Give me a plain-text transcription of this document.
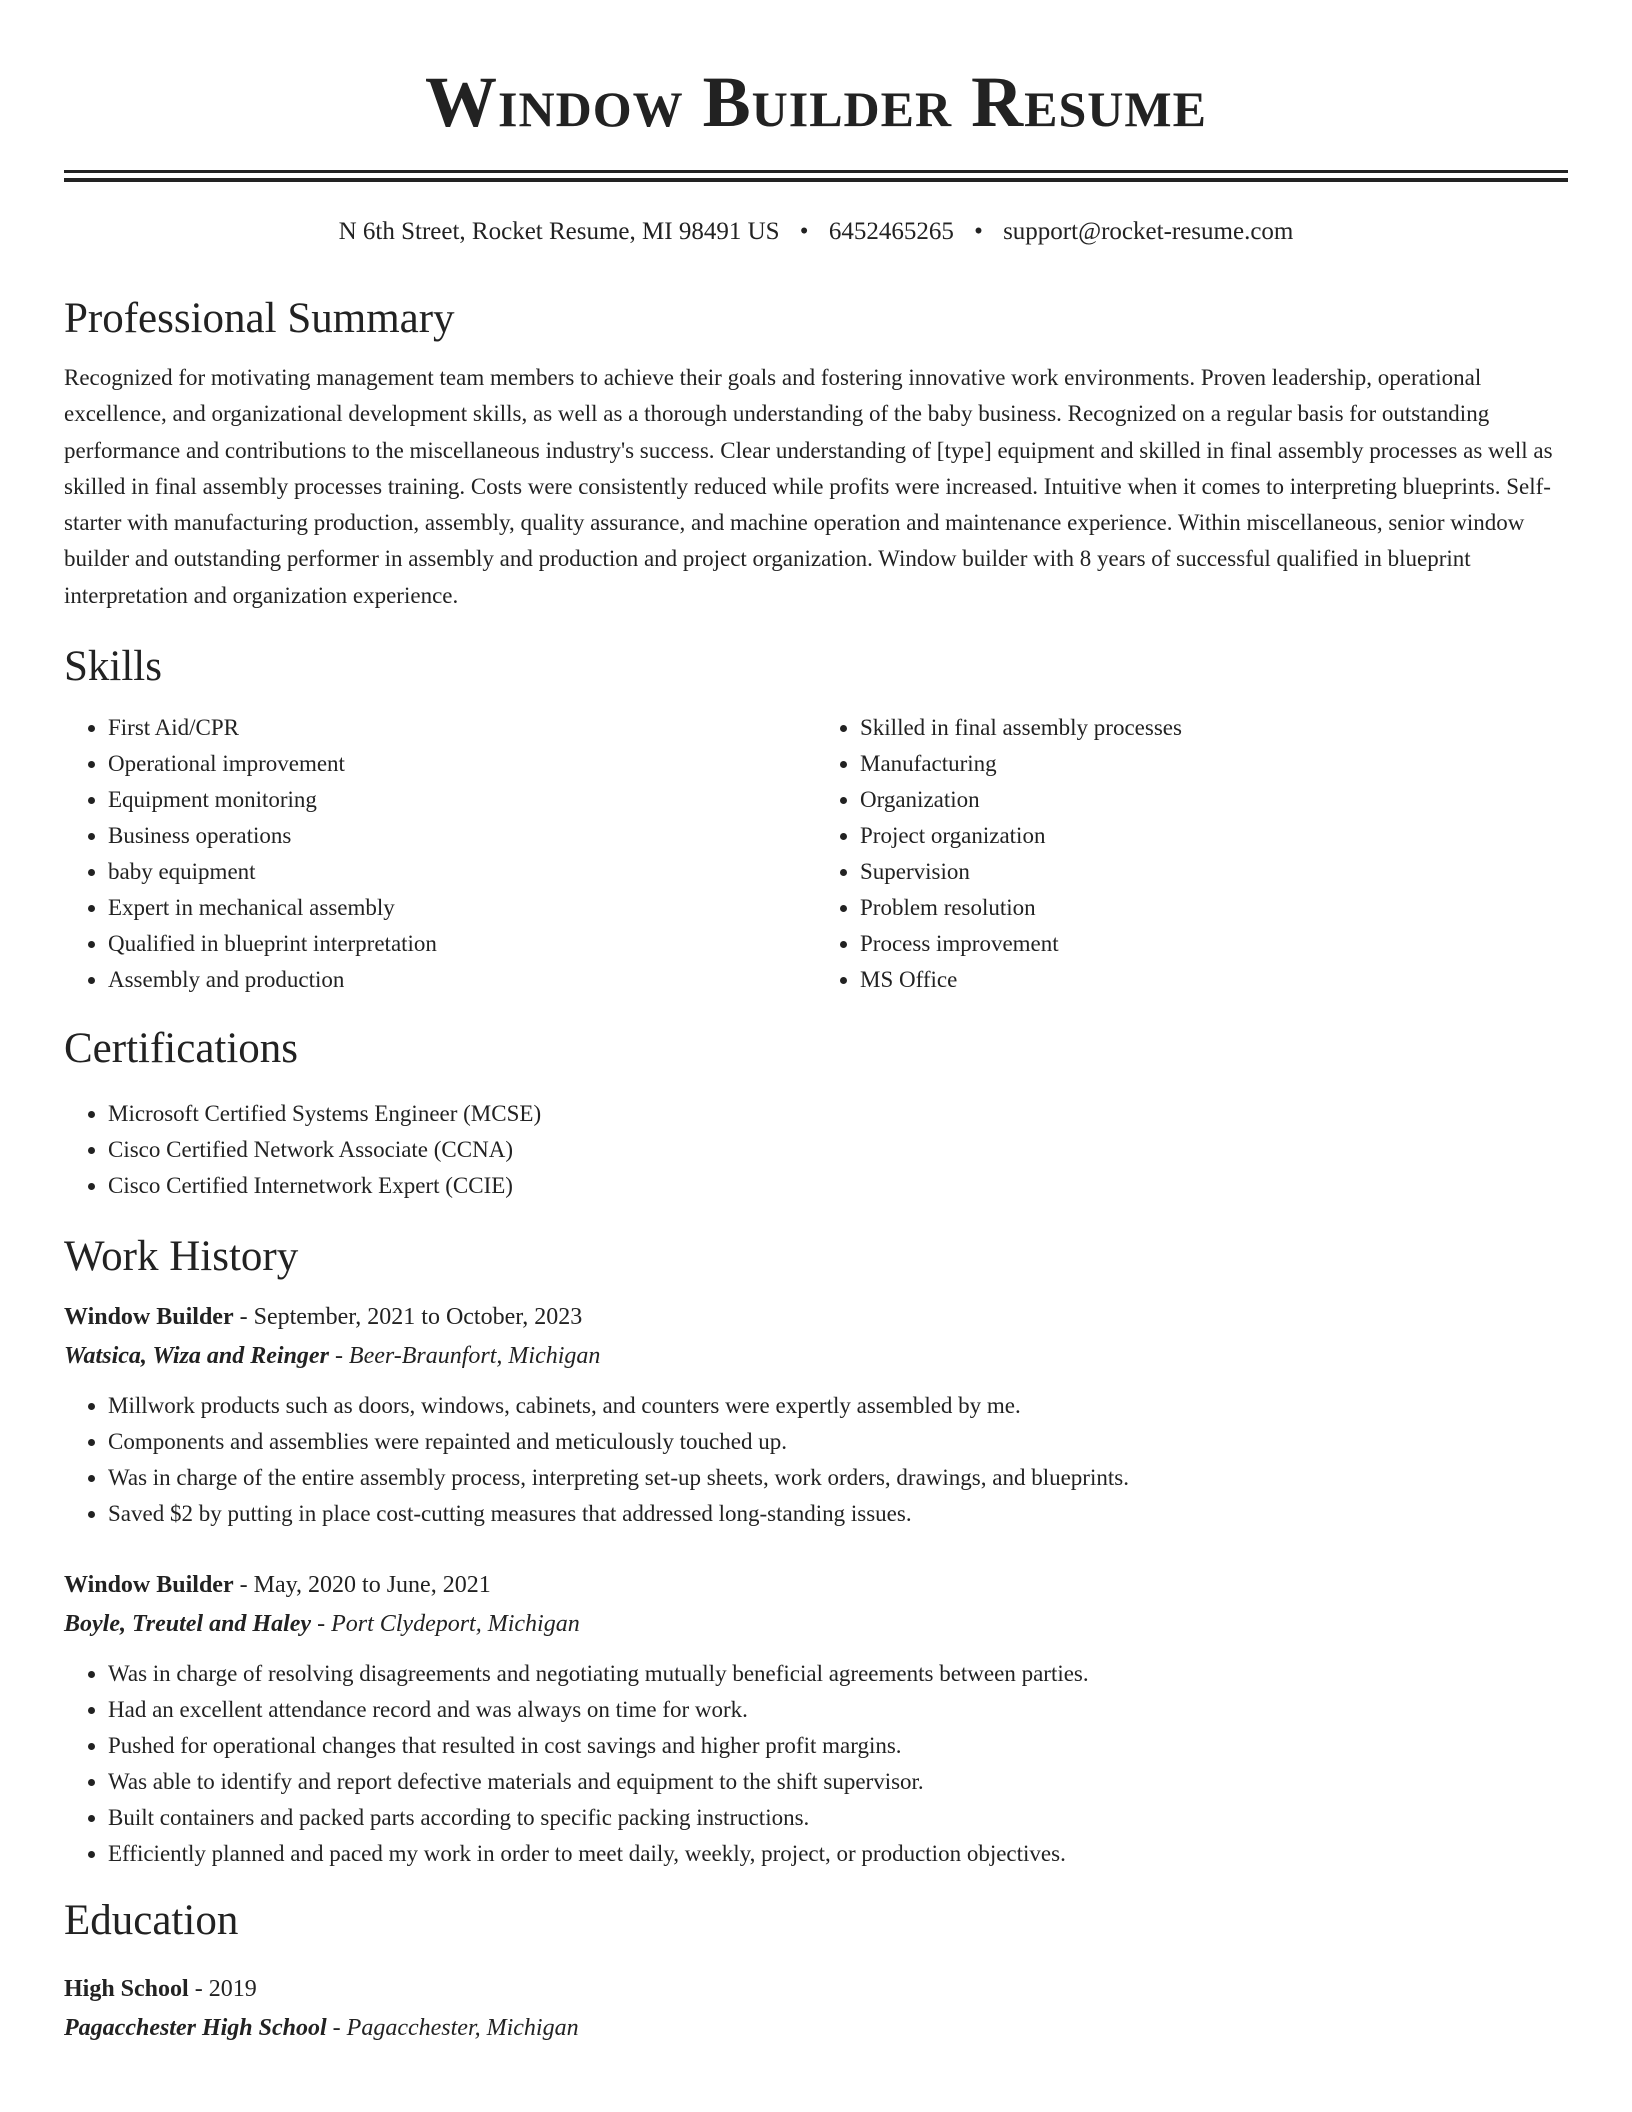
Window Builder Resume
N 6th Street, Rocket Resume, MI 98491 US • 6452465265 • support@rocket-resume.com
Professional Summary

Recognized for motivating management team members to achieve their goals and fostering innovative work environments. Proven leadership, operational excellence, and organizational development skills, as well as a thorough understanding of the baby business. Recognized on a regular basis for outstanding performance and contributions to the miscellaneous industry's success. Clear understanding of [type] equipment and skilled in final assembly processes as well as skilled in final assembly processes training. Costs were consistently reduced while profits were increased. Intuitive when it comes to interpreting blueprints. Self-starter with manufacturing production, assembly, quality assurance, and machine operation and maintenance experience. Within miscellaneous, senior window builder and outstanding performer in assembly and production and project organization. Window builder with 8 years of successful qualified in blueprint interpretation and organization experience.

Skills
• First Aid/CPR
• Operational improvement
• Equipment monitoring
• Business operations
• baby equipment
• Expert in mechanical assembly
• Qualified in blueprint interpretation
• Assembly and production
• Skilled in final assembly processes
• Manufacturing
• Organization
• Project organization
• Supervision
• Problem resolution
• Process improvement
• MS Office
Certifications
• Microsoft Certified Systems Engineer (MCSE)
• Cisco Certified Network Associate (CCNA)
• Cisco Certified Internetwork Expert (CCIE)
Work History
Window Builder - September, 2021 to October, 2023
Watsica, Wiza and Reinger - Beer-Braunfort, Michigan
• Millwork products such as doors, windows, cabinets, and counters were expertly assembled by me.
• Components and assemblies were repainted and meticulously touched up.
• Was in charge of the entire assembly process, interpreting set-up sheets, work orders, drawings, and blueprints.
• Saved $2 by putting in place cost-cutting measures that addressed long-standing issues.
Window Builder - May, 2020 to June, 2021
Boyle, Treutel and Haley - Port Clydeport, Michigan
• Was in charge of resolving disagreements and negotiating mutually beneficial agreements between parties.
• Had an excellent attendance record and was always on time for work.
• Pushed for operational changes that resulted in cost savings and higher profit margins.
• Was able to identify and report defective materials and equipment to the shift supervisor.
• Built containers and packed parts according to specific packing instructions.
• Efficiently planned and paced my work in order to meet daily, weekly, project, or production objectives.
Education
High School - 2019
Pagacchester High School - Pagacchester, Michigan
